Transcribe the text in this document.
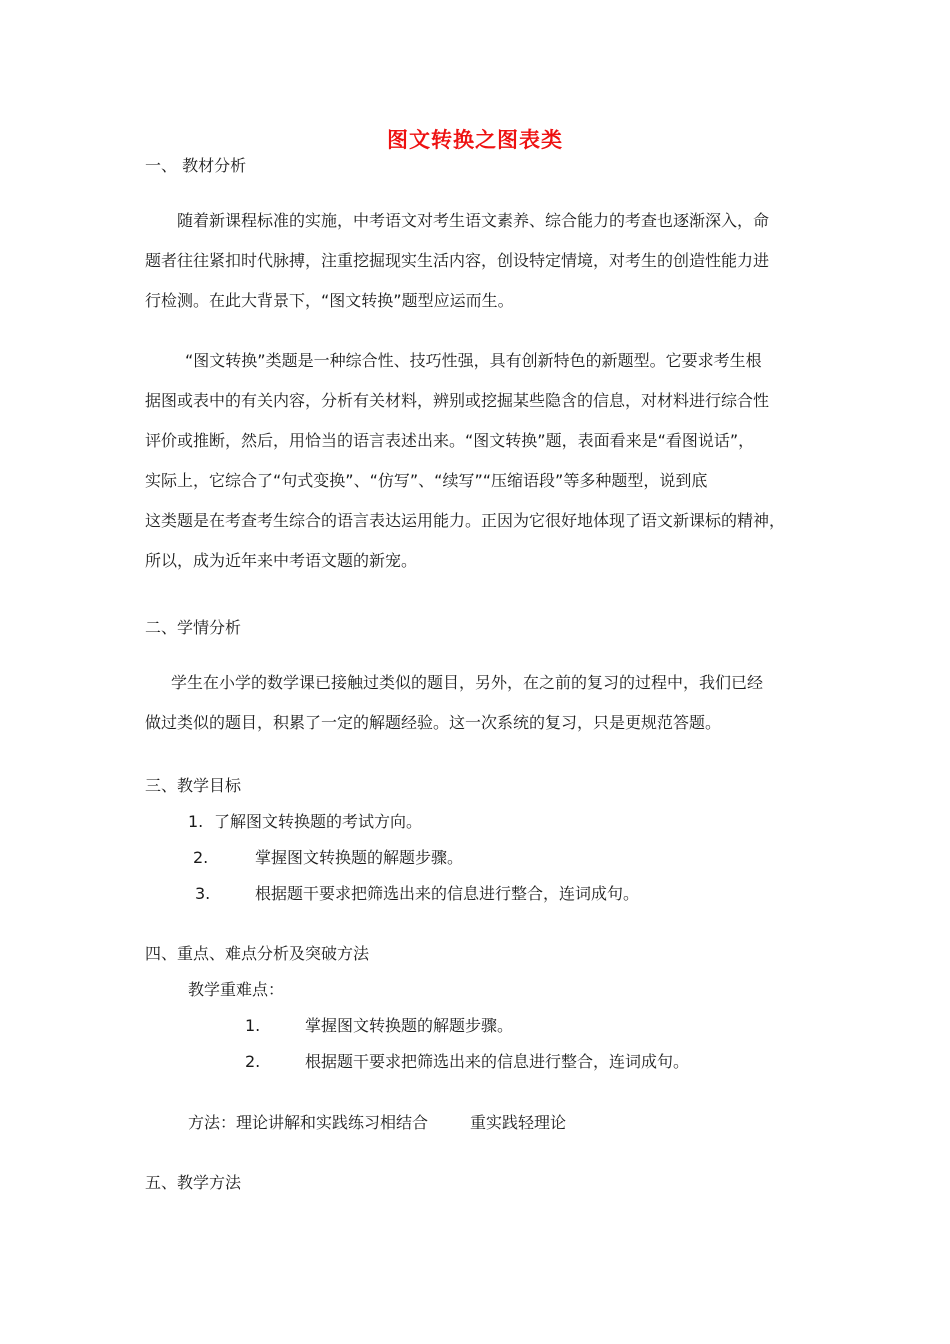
图文转换之图表类
一、 教材分析
随着新课程标准的实施，中考语文对考生语文素养、综合能力的考查也逐渐深入，命
题者往往紧扣时代脉搏，注重挖掘现实生活内容，创设特定情境，对考生的创造性能力进
行检测。在此大背景下，“图文转换”题型应运而生。
“图文转换”类题是一种综合性、技巧性强，具有创新特色的新题型。它要求考生根
据图或表中的有关内容，分析有关材料，辨别或挖掘某些隐含的信息，对材料进行综合性
评价或推断，然后，用恰当的语言表述出来。“图文转换”题，表面看来是“看图说话”，
实际上，它综合了“句式变换”、“仿写”、“续写”“压缩语段”等多种题型，说到底
这类题是在考查考生综合的语言表达运用能力。正因为它很好地体现了语文新课标的精神，
所以，成为近年来中考语文题的新宠。
二、学情分析
学生在小学的数学课已接触过类似的题目，另外，在之前的复习的过程中，我们已经
做过类似的题目，积累了一定的解题经验。这一次系统的复习，只是更规范答题。
三、教学目标
1. 了解图文转换题的考试方向。
2.	掌握图文转换题的解题步骤。
3.	根据题干要求把筛选出来的信息进行整合，连词成句。
四、重点、难点分析及突破方法
教学重难点：
1.	掌握图文转换题的解题步骤。
2.	根据题干要求把筛选出来的信息进行整合，连词成句。
方法：理论讲解和实践练习相结合	重实践轻理论
五、教学方法
